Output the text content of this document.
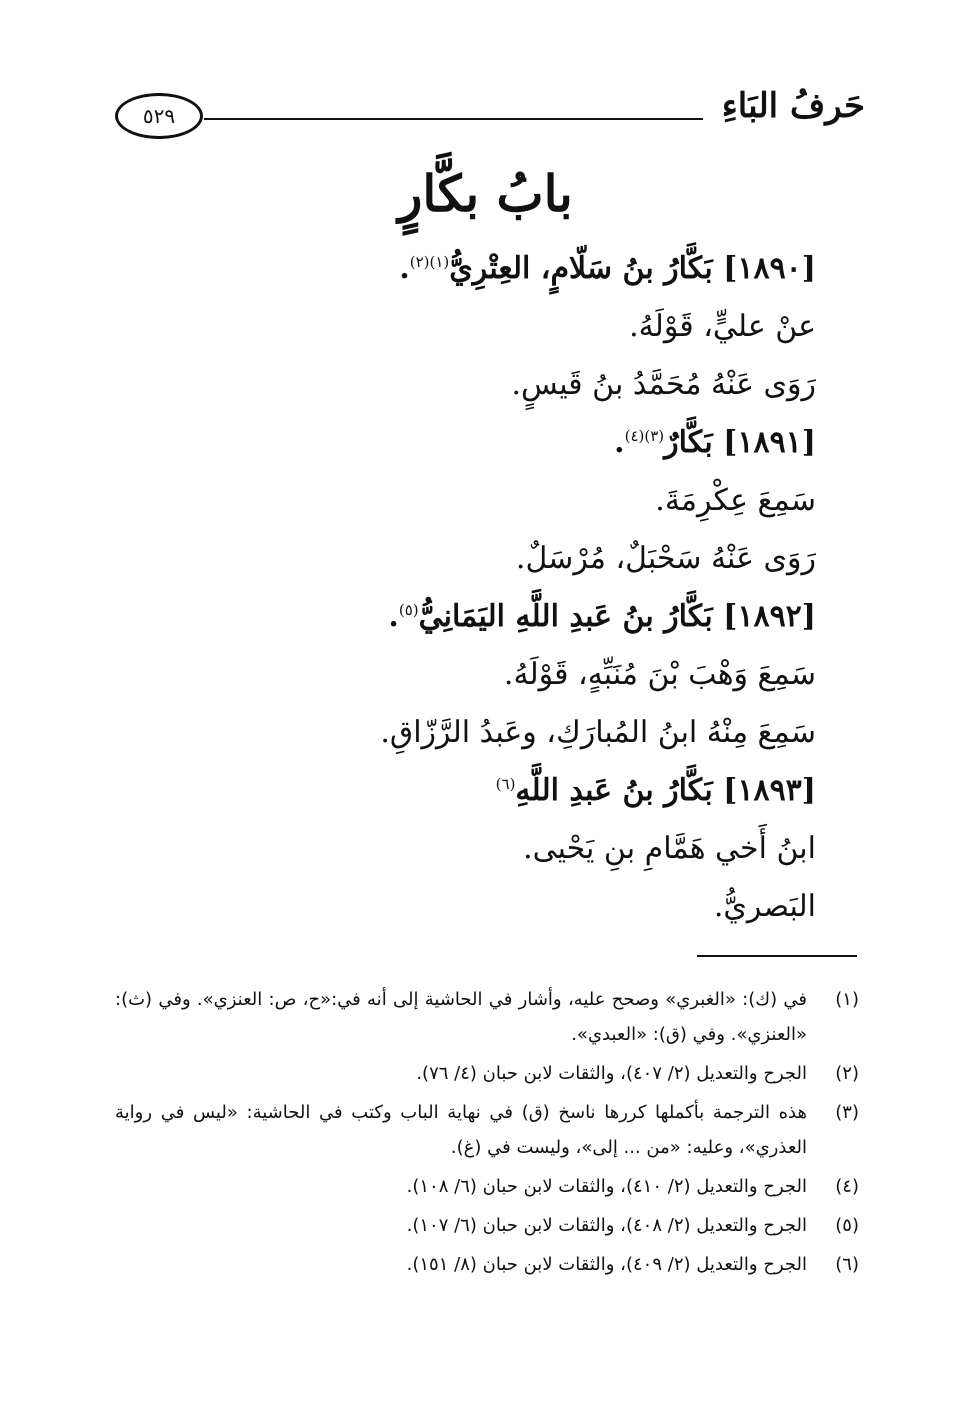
حَرفُ البَاءِ
٥٢٩
بابُ بكَّارٍ
[١٨٩٠] بَكَّارُ بنُ سَلّامٍ، العِتْرِيُّ$^{(١)(٢)}$.
عنْ عليٍّ، قَوْلَهُ.
رَوَى عَنْهُ مُحَمَّدُ بنُ قَيسٍ.
[١٨٩١] بَكَّارٌ$^{(٣)(٤)}$.
سَمِعَ عِكْرِمَةَ.
رَوَى عَنْهُ سَحْبَلٌ، مُرْسَلٌ.
[١٨٩٢] بَكَّارُ بنُ عَبدِ اللَّهِ اليَمَانِيُّ$^{(٥)}$.
سَمِعَ وَهْبَ بْنَ مُنَبِّهٍ، قَوْلَهُ.
سَمِعَ مِنْهُ ابنُ المُبارَكِ، وعَبدُ الرَّزّاقِ.
[١٨٩٣] بَكَّارُ بنُ عَبدِ اللَّهِ$^{(٦)}$
ابنُ أَخي هَمَّامِ بنِ يَحْيى.
البَصريُّ.
(١)
في (ك): «الغبري» وصحح عليه، وأشار في الحاشية إلى أنه في:«ح، ص: العنزي». وفي (ث): «العنزي». وفي (ق): «العبدي».
(٢)
الجرح والتعديل (٢/ ٤٠٧)، والثقات لابن حبان (٤/ ٧٦).
(٣)
هذه الترجمة بأكملها كررها ناسخ (ق) في نهاية الباب وكتب في الحاشية: «ليس في رواية العذري»، وعليه: «من ... إلى»، وليست في (غ).
(٤)
الجرح والتعديل (٢/ ٤١٠)، والثقات لابن حبان (٦/ ١٠٨).
(٥)
الجرح والتعديل (٢/ ٤٠٨)، والثقات لابن حبان (٦/ ١٠٧).
(٦)
الجرح والتعديل (٢/ ٤٠٩)، والثقات لابن حبان (٨/ ١٥١).
